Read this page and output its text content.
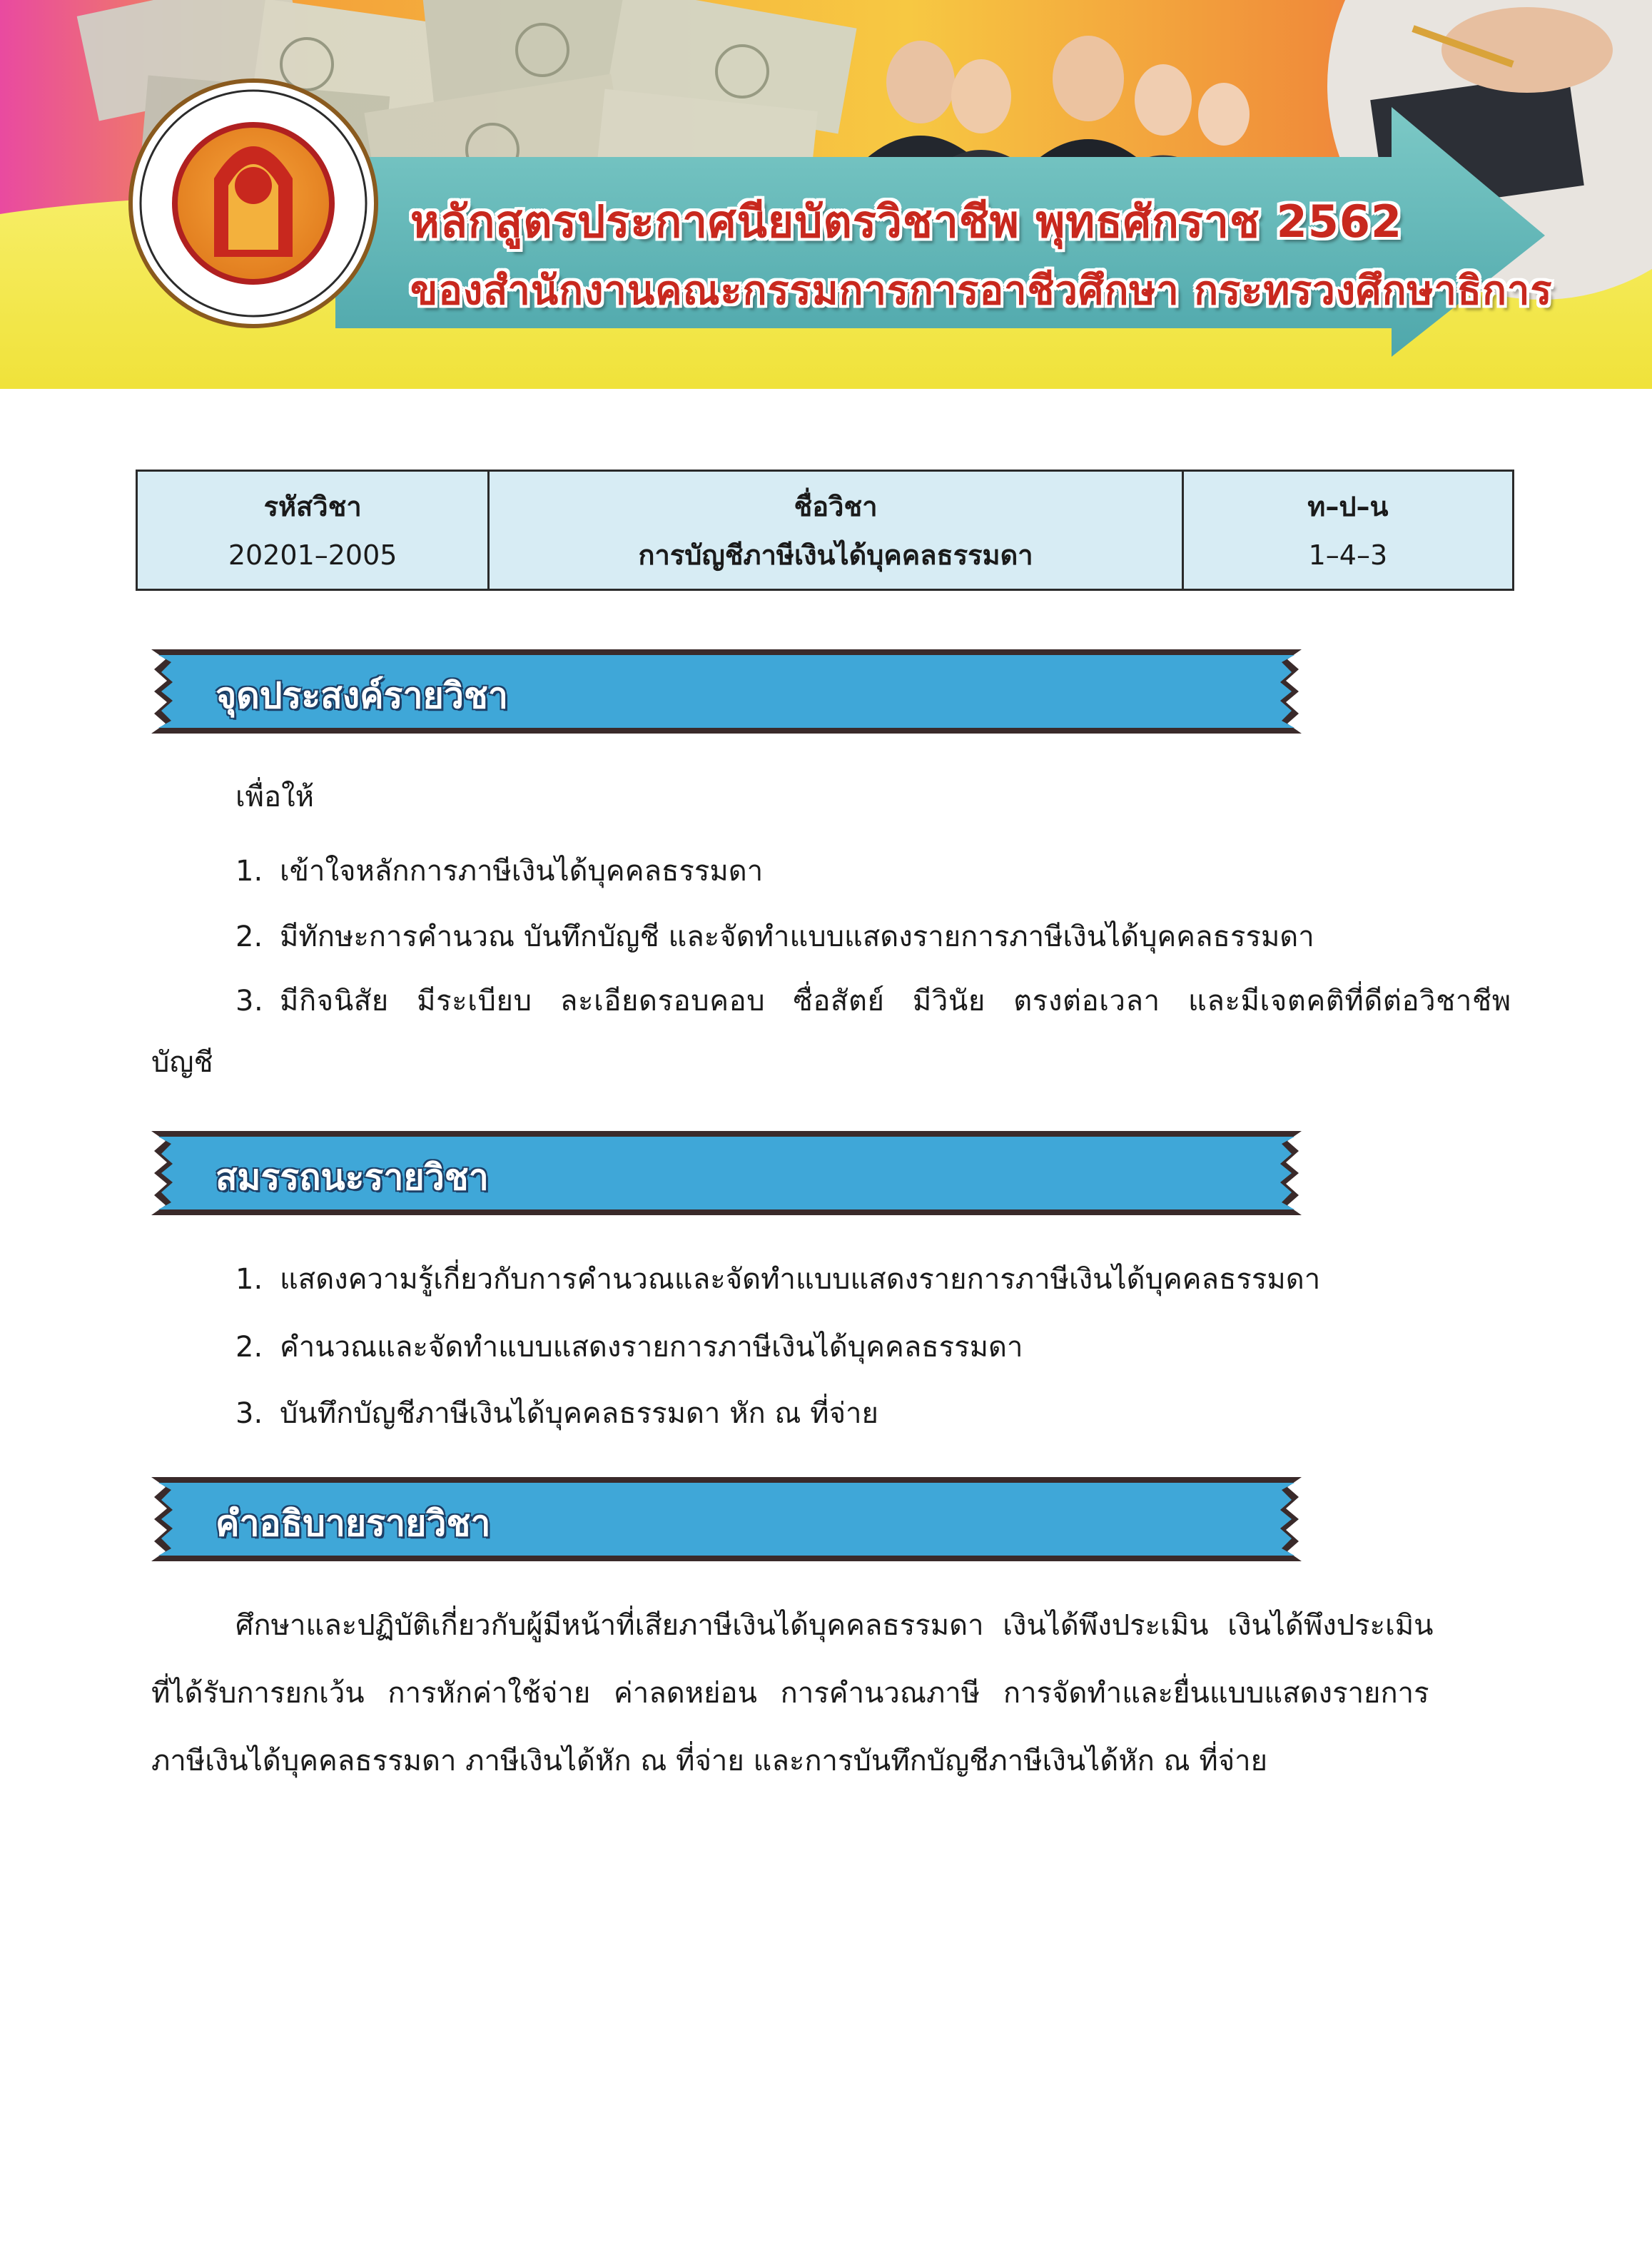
หลักสูตรประกาศนียบัตรวิชาชีพ พุทธศักราช 2562
ของสำนักงานคณะกรรมการการอาชีวศึกษา กระทรวงศึกษาธิการ
รหัสวิชา
20201–2005

ชื่อวิชา
การบัญชีภาษีเงินได้บุคคลธรรมดา

ท–ป–น
1–4–3
จุดประสงค์รายวิชา

เพื่อให้

1. เข้าใจหลักการภาษีเงินได้บุคคลธรรมดา

2. มีทักษะการคำนวณ บันทึกบัญชี และจัดทำแบบแสดงรายการภาษีเงินได้บุคคลธรรมดา

3. มีกิจนิสัย มีระเบียบ ละเอียดรอบคอบ ซื่อสัตย์ มีวินัย ตรงต่อเวลา และมีเจตคติที่ดีต่อวิชาชีพ

บัญชี

สมรรถนะรายวิชา

1. แสดงความรู้เกี่ยวกับการคำนวณและจัดทำแบบแสดงรายการภาษีเงินได้บุคคลธรรมดา

2. คำนวณและจัดทำแบบแสดงรายการภาษีเงินได้บุคคลธรรมดา

3. บันทึกบัญชีภาษีเงินได้บุคคลธรรมดา หัก ณ ที่จ่าย

คำอธิบายรายวิชา

ศึกษาและปฏิบัติเกี่ยวกับผู้มีหน้าที่เสียภาษีเงินได้บุคคลธรรมดา เงินได้พึงประเมิน เงินได้พึงประเมิน

ที่ได้รับการยกเว้น การหักค่าใช้จ่าย ค่าลดหย่อน การคำนวณภาษี การจัดทำและยื่นแบบแสดงรายการ

ภาษีเงินได้บุคคลธรรมดา ภาษีเงินได้หัก ณ ที่จ่าย และการบันทึกบัญชีภาษีเงินได้หัก ณ ที่จ่าย
